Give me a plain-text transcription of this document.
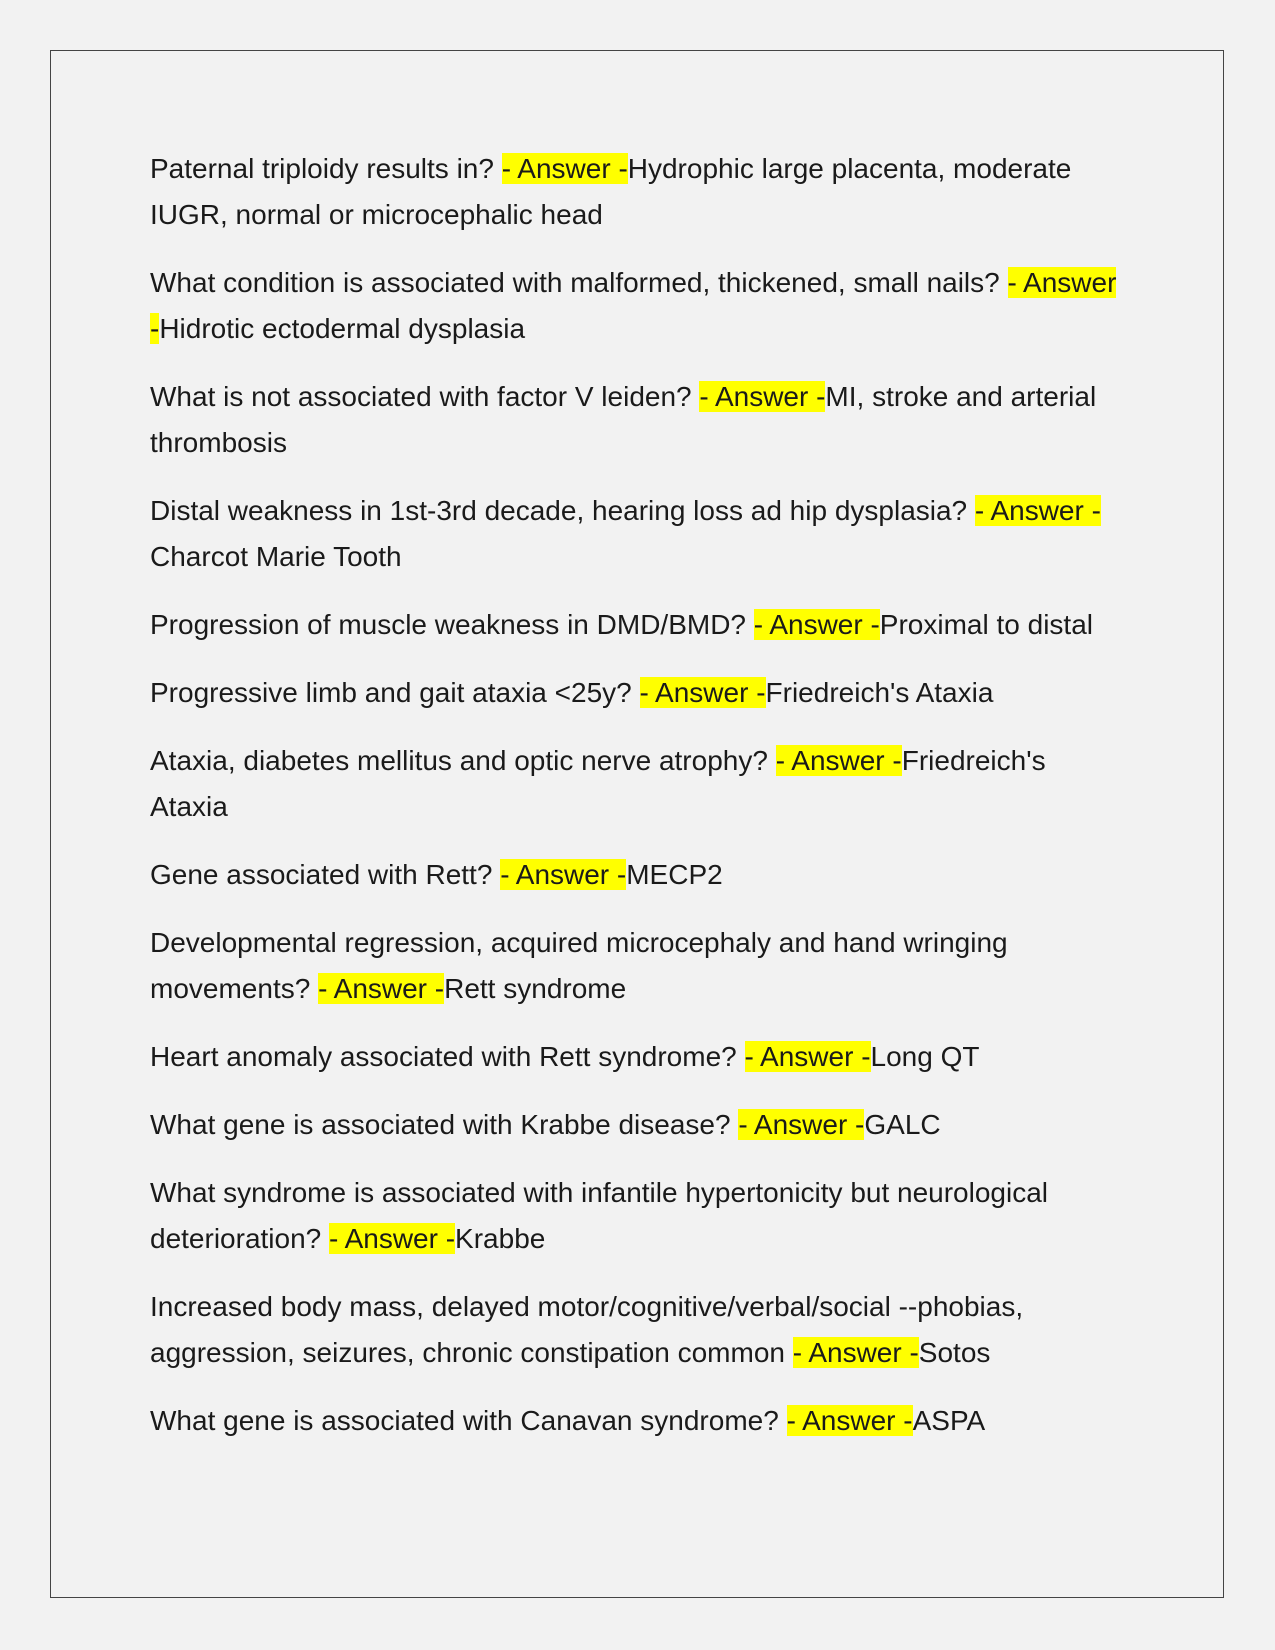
Paternal triploidy results in? - Answer -Hydrophic large placenta, moderate IUGR, normal or microcephalic head

What condition is associated with malformed, thickened, small nails? - Answer -Hidrotic ectodermal dysplasia

What is not associated with factor V leiden? - Answer -MI, stroke and arterial thrombosis

Distal weakness in 1st-3rd decade, hearing loss ad hip dysplasia? - Answer -Charcot Marie Tooth

Progression of muscle weakness in DMD/BMD? - Answer -Proximal to distal

Progressive limb and gait ataxia <25y? - Answer -Friedreich's Ataxia

Ataxia, diabetes mellitus and optic nerve atrophy? - Answer -Friedreich's Ataxia

Gene associated with Rett? - Answer -MECP2

Developmental regression, acquired microcephaly and hand wringing movements? - Answer -Rett syndrome

Heart anomaly associated with Rett syndrome? - Answer -Long QT

What gene is associated with Krabbe disease? - Answer -GALC

What syndrome is associated with infantile hypertonicity but neurological deterioration? - Answer -Krabbe

Increased body mass, delayed motor/cognitive/verbal/social --phobias, aggression, seizures, chronic constipation common - Answer -Sotos

What gene is associated with Canavan syndrome? - Answer -ASPA
